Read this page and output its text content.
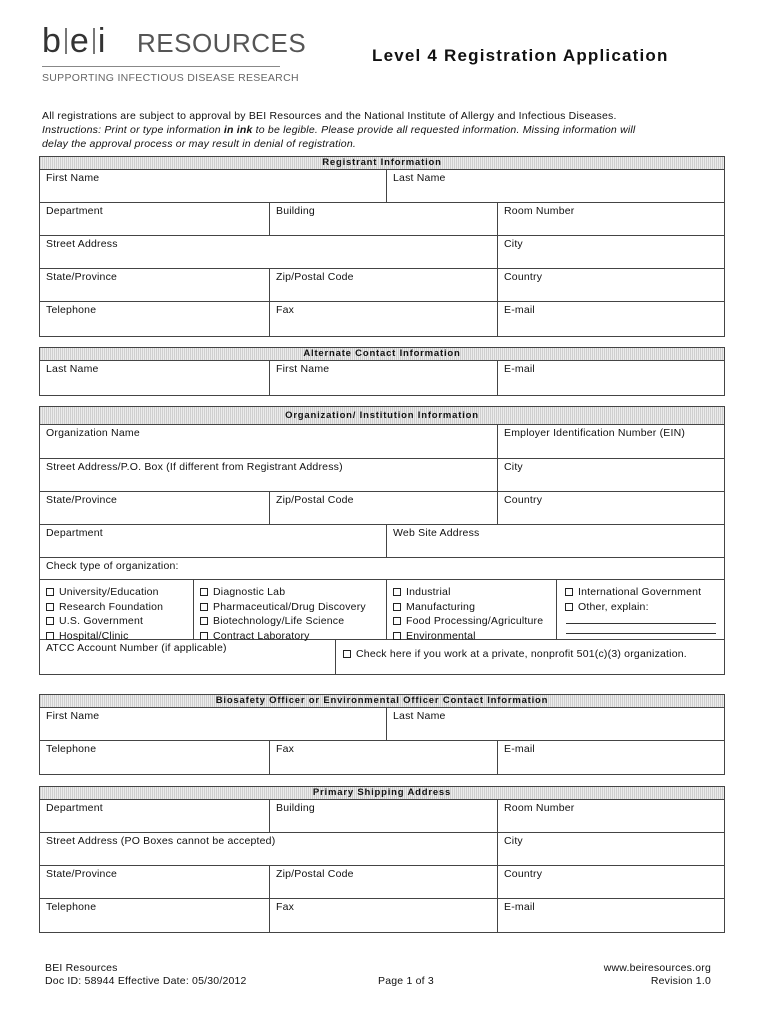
b e i RESOURCES
SUPPORTING INFECTIOUS DISEASE RESEARCH
Level 4 Registration Application
All registrations are subject to approval by BEI Resources and the National Institute of Allergy and Infectious Diseases.
Instructions: Print or type information in ink to be legible. Please provide all requested information. Missing information will
delay the approval process or may result in denial of registration.
Registrant Information
First Name	Last Name
Department	Building	Room Number
Street Address	City
State/Province	Zip/Postal Code	Country
Telephone	Fax	E-mail
Alternate Contact Information
Last Name	First Name	E-mail
Organization/ Institution Information
Organization Name	Employer Identification Number (EIN)
Street Address/P.O. Box (If different from Registrant Address)	City
State/Province	Zip/Postal Code	Country
Department	Web Site Address
Check type of organization:
University/Education
Research Foundation
U.S. Government
Hospital/Clinic
Diagnostic Lab
Pharmaceutical/Drug Discovery
Biotechnology/Life Science
Contract Laboratory
Industrial
Manufacturing
Food Processing/Agriculture
Environmental
International Government
Other, explain:
ATCC Account Number (if applicable)	Check here if you work at a private, nonprofit 501(c)(3) organization.
Biosafety Officer or Environmental Officer Contact Information
First Name	Last Name
Telephone	Fax	E-mail
Primary Shipping Address
Department	Building	Room Number
Street Address (PO Boxes cannot be accepted)	City
State/Province	Zip/Postal Code	Country
Telephone	Fax	E-mail
BEI Resources
Doc ID: 58944 Effective Date: 05/30/2012	Page 1 of 3
www.beiresources.org
Revision 1.0
